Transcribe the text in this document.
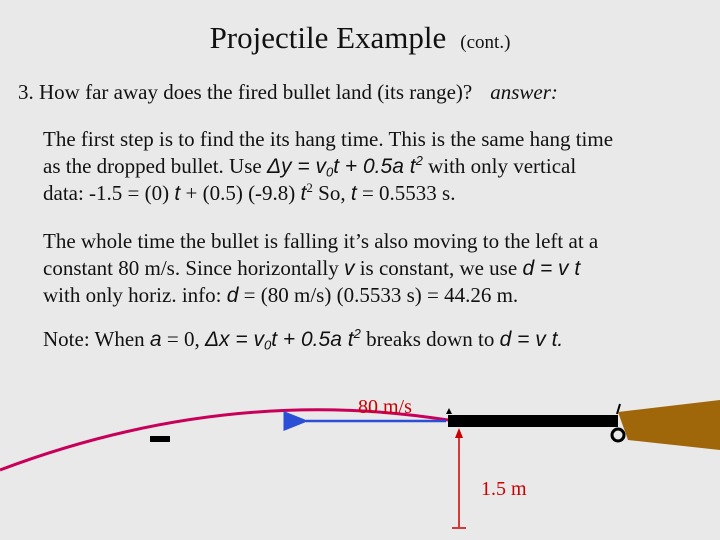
Projectile Example (cont.)
3. How far away does the fired bullet land (its range)? answer:
The first step is to find the its hang time. This is the same hang time
as the dropped bullet. Use $\Delta y = v_0t + 0.5a$ $t^2$ with only vertical
data: -1.5 = (0) t + (0.5) (-9.8) $t^2$ So, t = 0.5533 s.
The whole time the bullet is falling it’s also moving to the left at a
constant 80 m/s. Since horizontally v is constant, we use d = v t
with only horiz. info: d = (80 m/s) (0.5533 s) = 44.26 m.
Note: When a = 0, $\Delta x = v_0t + 0.5a$ $t^2$ breaks down to d = v t.
80 m/s
1.5 m
